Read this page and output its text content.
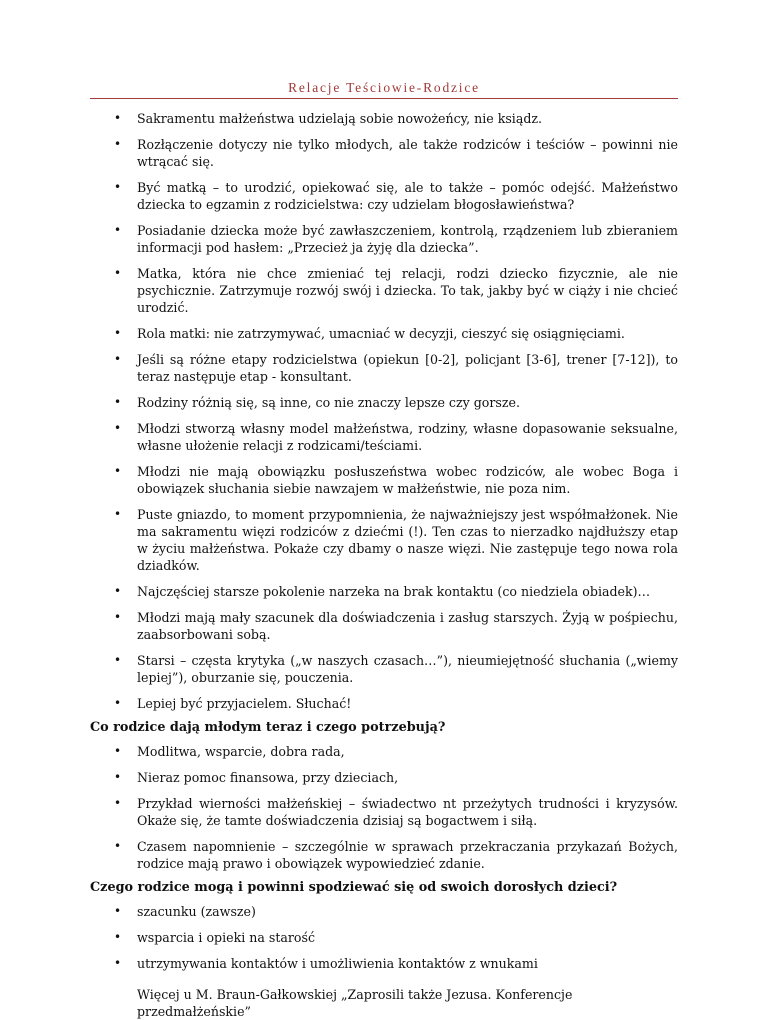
Relacje Teściowie-Rodzice
• Sakramentu małżeństwa udzielają sobie nowożeńcy, nie ksiądz.
• Rozłączenie dotyczy nie tylko młodych, ale także rodziców i teściów – powinni nie wtrącać się.
• Być matką – to urodzić, opiekować się, ale to także – pomóc odejść. Małżeństwo dziecka to egzamin z rodzicielstwa: czy udzielam błogosławieństwa?
• Posiadanie dziecka może być zawłaszczeniem, kontrolą, rządzeniem lub zbieraniem informacji pod hasłem: „Przecież ja żyję dla dziecka”.
• Matka, która nie chce zmieniać tej relacji, rodzi dziecko fizycznie, ale nie psychicznie. Zatrzymuje rozwój swój i dziecka. To tak, jakby być w ciąży i nie chcieć urodzić.
• Rola matki: nie zatrzymywać, umacniać w decyzji, cieszyć się osiągnięciami.
• Jeśli są różne etapy rodzicielstwa (opiekun [0-2], policjant [3-6], trener [7-12]), to teraz następuje etap - konsultant.
• Rodziny różnią się, są inne, co nie znaczy lepsze czy gorsze.
• Młodzi stworzą własny model małżeństwa, rodziny, własne dopasowanie seksualne, własne ułożenie relacji z rodzicami/teściami.
• Młodzi nie mają obowiązku posłuszeństwa wobec rodziców, ale wobec Boga i obowiązek słuchania siebie nawzajem w małżeństwie, nie poza nim.
• Puste gniazdo, to moment przypomnienia, że najważniejszy jest współmałżonek. Nie ma sakramentu więzi rodziców z dziećmi (!). Ten czas to nierzadko najdłuższy etap w życiu małżeństwa. Pokaże czy dbamy o nasze więzi. Nie zastępuje tego nowa rola dziadków.
• Najczęściej starsze pokolenie narzeka na brak kontaktu (co niedziela obiadek)…
• Młodzi mają mały szacunek dla doświadczenia i zasług starszych. Żyją w pośpiechu, zaabsorbowani sobą.
• Starsi – częsta krytyka („w naszych czasach…”), nieumiejętność słuchania („wiemy lepiej”), oburzanie się, pouczenia.
• Lepiej być przyjacielem. Słuchać!
Co rodzice dają młodym teraz i czego potrzebują?
• Modlitwa, wsparcie, dobra rada,
• Nieraz pomoc finansowa, przy dzieciach,
• Przykład wierności małżeńskiej – świadectwo nt przeżytych trudności i kryzysów. Okaże się, że tamte doświadczenia dzisiaj są bogactwem i siłą.
• Czasem napomnienie – szczególnie w sprawach przekraczania przykazań Bożych, rodzice mają prawo i obowiązek wypowiedzieć zdanie.
Czego rodzice mogą i powinni spodziewać się od swoich dorosłych dzieci?
• szacunku (zawsze)
• wsparcia i opieki na starość
• utrzymywania kontaktów i umożliwienia kontaktów z wnukami
Więcej u M. Braun-Gałkowskiej „Zaprosili także Jezusa. Konferencje przedmałżeńskie”
